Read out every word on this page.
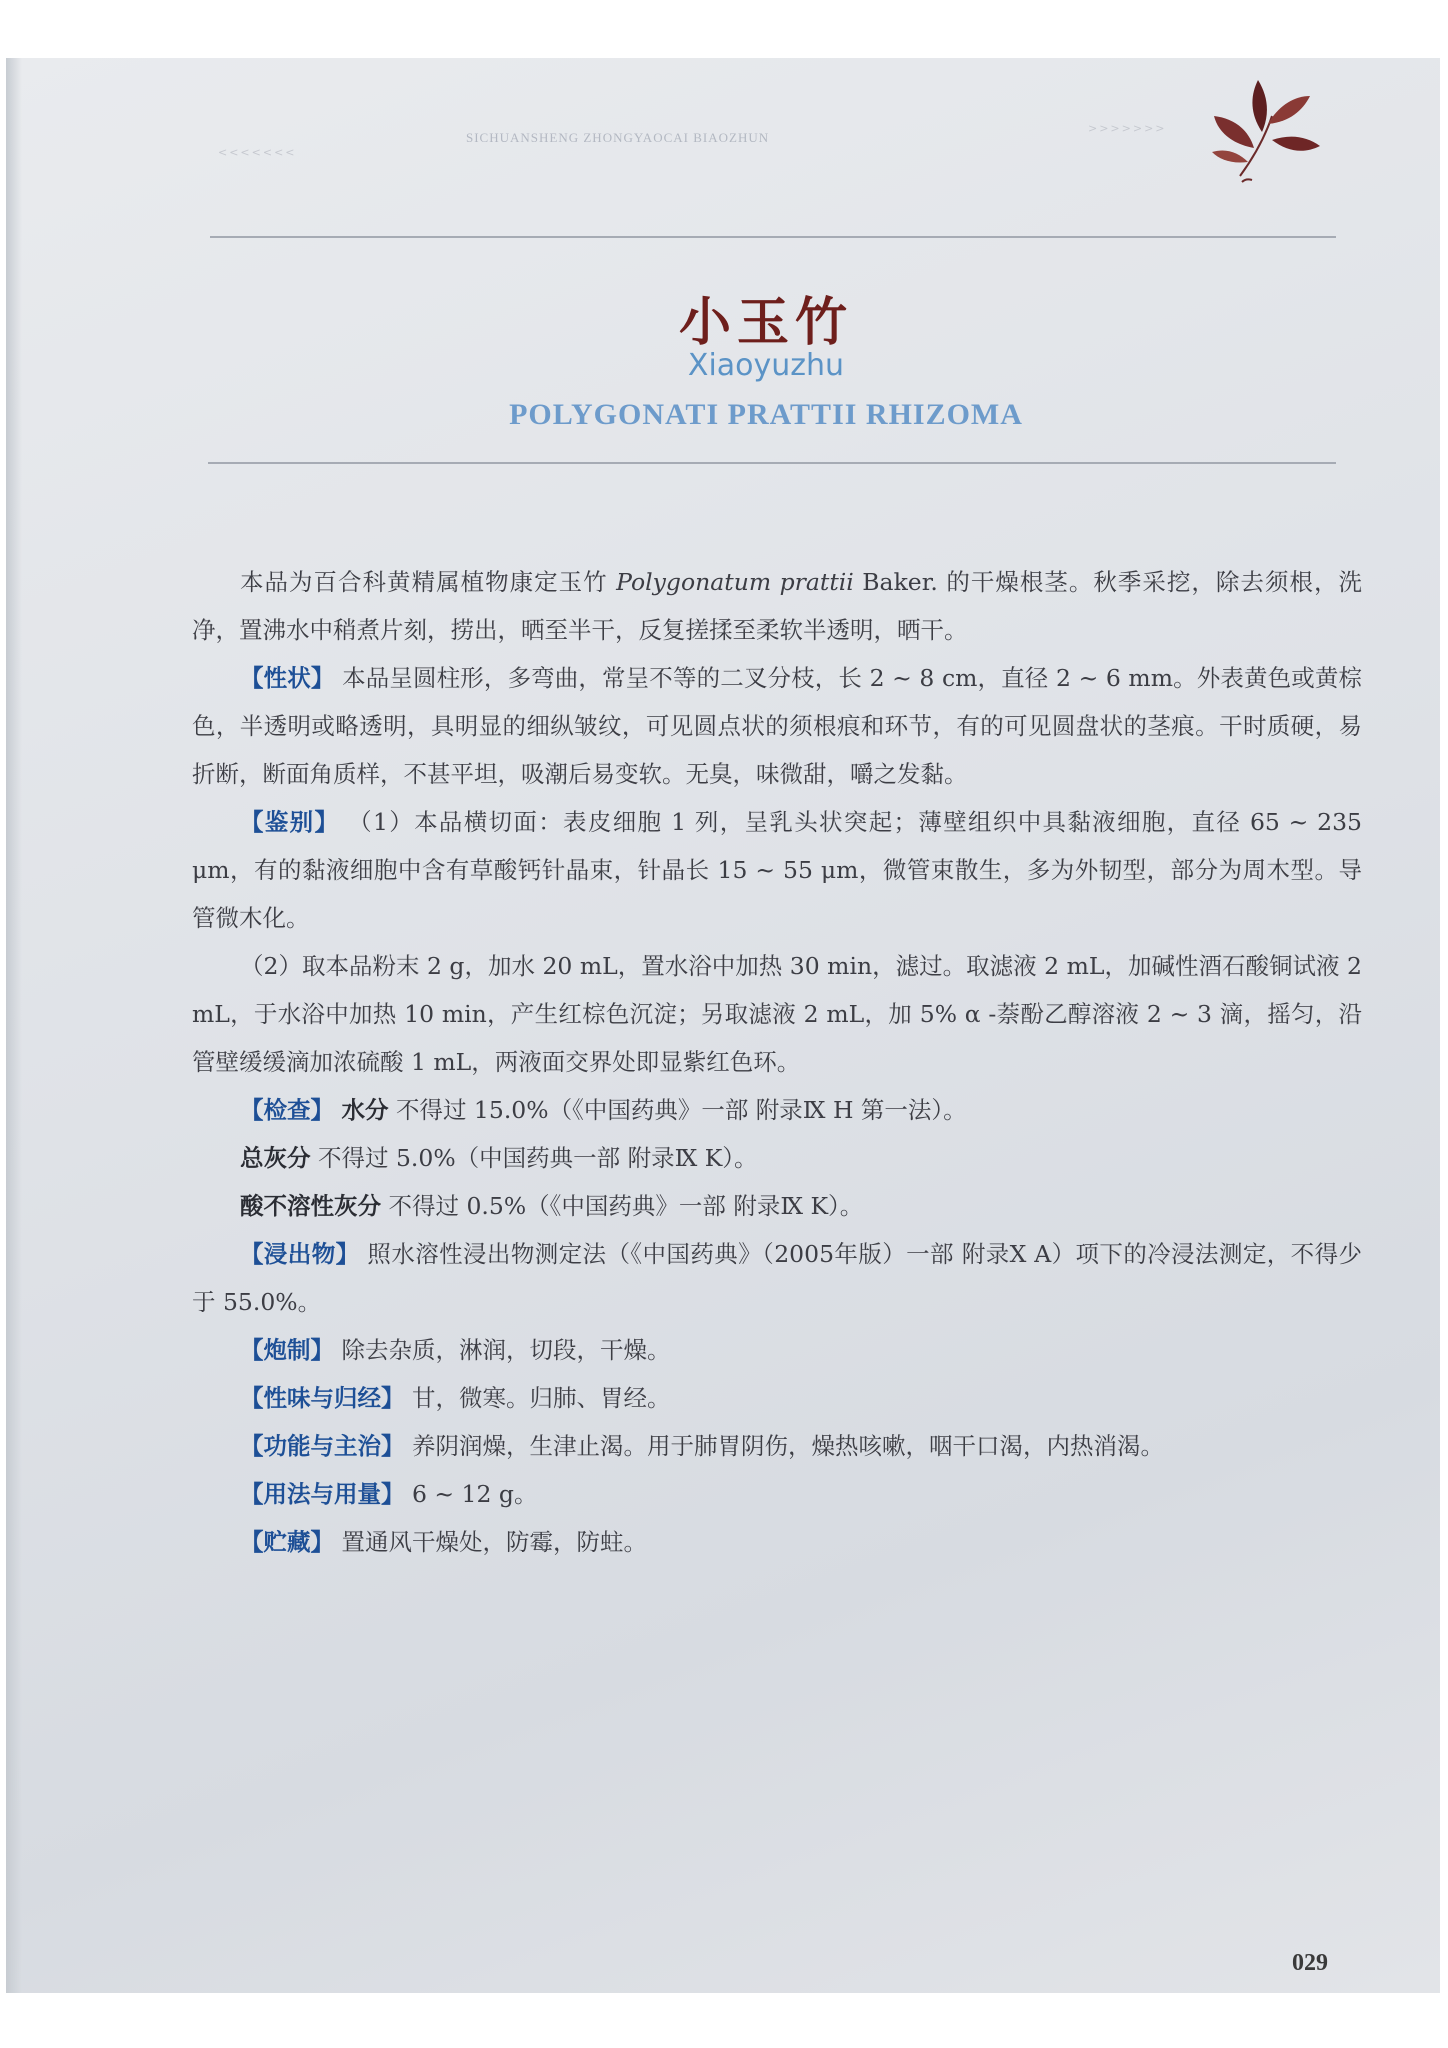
<<<<<<<
SICHUANSHENG ZHONGYAOCAI BIAOZHUN
>>>>>>>
小玉竹
Xiaoyuzhu
POLYGONATI PRATTII RHIZOMA

本品为百合科黄精属植物康定玉竹 Polygonatum prattii Baker. 的干燥根茎。秋季采挖，除去须根，洗净，置沸水中稍煮片刻，捞出，晒至半干，反复搓揉至柔软半透明，晒干。

【性状】 本品呈圆柱形，多弯曲，常呈不等的二叉分枝，长 2 ~ 8 cm，直径 2 ~ 6 mm。外表黄色或黄棕色，半透明或略透明，具明显的细纵皱纹，可见圆点状的须根痕和环节，有的可见圆盘状的茎痕。干时质硬，易折断，断面角质样，不甚平坦，吸潮后易变软。无臭，味微甜，嚼之发黏。

【鉴别】 （1）本品横切面：表皮细胞 1 列，呈乳头状突起；薄壁组织中具黏液细胞，直径 65 ~ 235 μm，有的黏液细胞中含有草酸钙针晶束，针晶长 15 ~ 55 μm，微管束散生，多为外韧型，部分为周木型。导管微木化。

（2）取本品粉末 2 g，加水 20 mL，置水浴中加热 30 min，滤过。取滤液 2 mL，加碱性酒石酸铜试液 2 mL，于水浴中加热 10 min，产生红棕色沉淀；另取滤液 2 mL，加 5% α -萘酚乙醇溶液 2 ~ 3 滴，摇匀，沿管壁缓缓滴加浓硫酸 1 mL，两液面交界处即显紫红色环。

【检查】 水分 不得过 15.0%（《中国药典》一部 附录Ⅸ H 第一法）。

总灰分 不得过 5.0%（中国药典一部 附录Ⅸ K）。

酸不溶性灰分 不得过 0.5%（《中国药典》一部 附录Ⅸ K）。

【浸出物】 照水溶性浸出物测定法（《中国药典》（2005年版）一部 附录X A）项下的冷浸法测定，不得少于 55.0%。

【炮制】 除去杂质，淋润，切段，干燥。

【性味与归经】 甘，微寒。归肺、胃经。

【功能与主治】 养阴润燥，生津止渴。用于肺胃阴伤，燥热咳嗽，咽干口渴，内热消渴。

【用法与用量】 6 ~ 12 g。

【贮藏】 置通风干燥处，防霉，防蛀。

029
